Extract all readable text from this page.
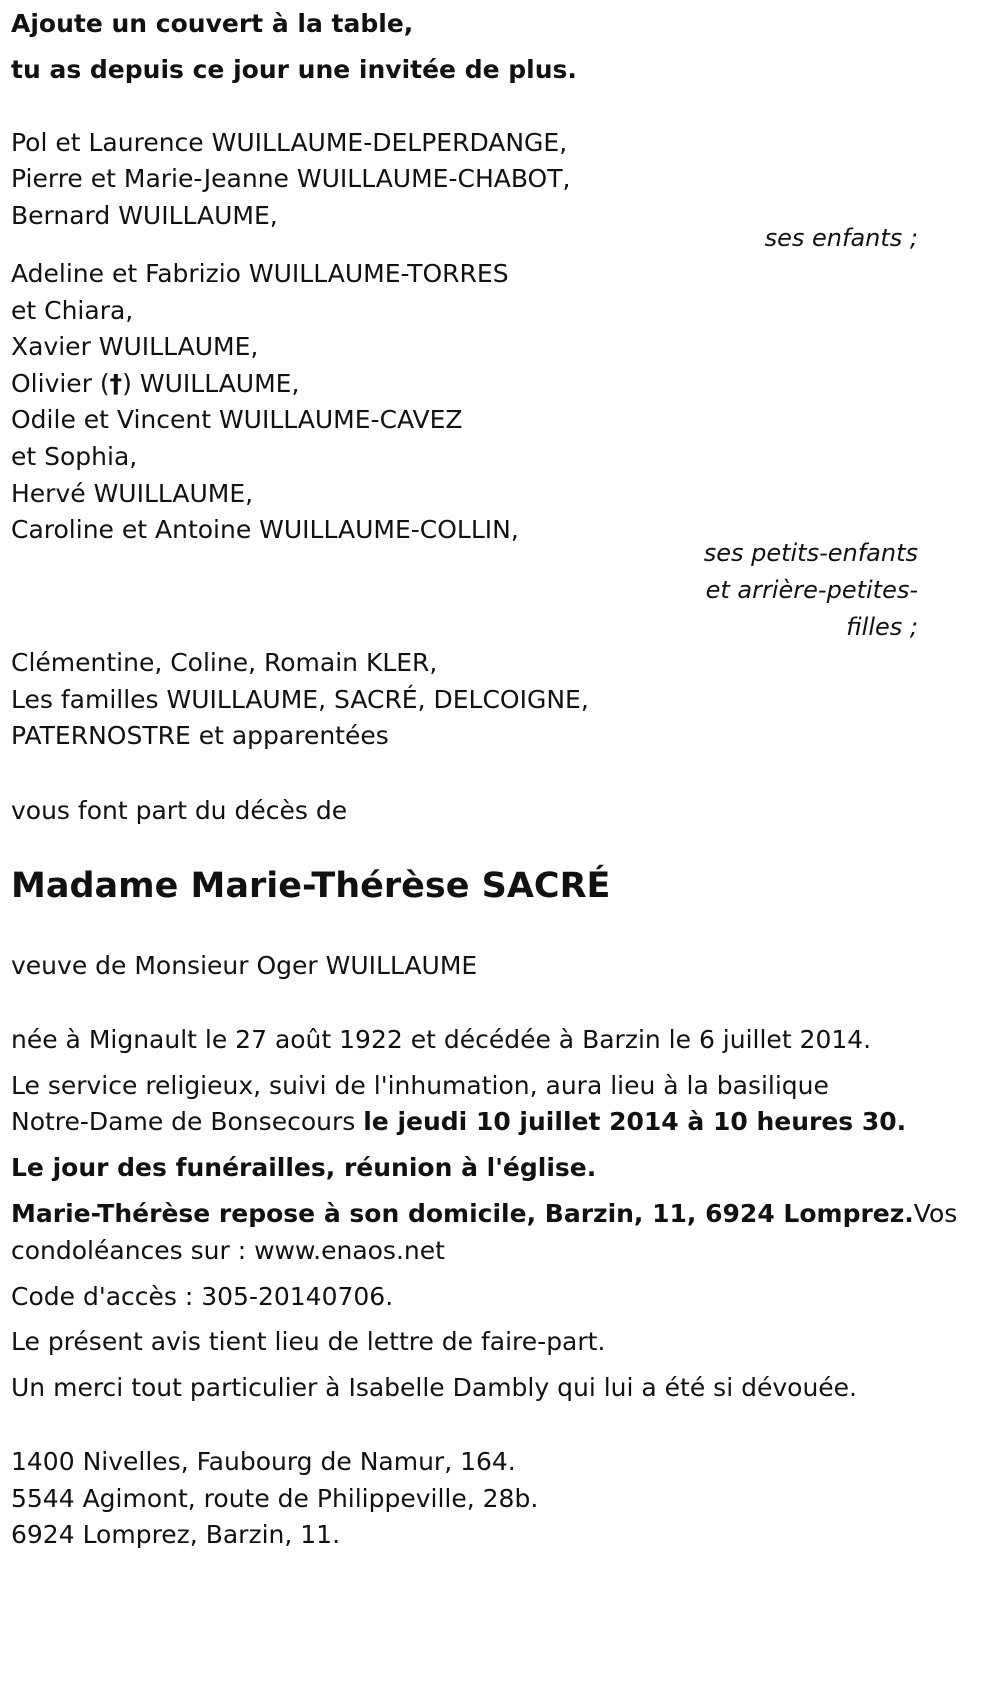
Ajoute un couvert à la table,

tu as depuis ce jour une invitée de plus.

Pol et Laurence WUILLAUME-DELPERDANGE,

Pierre et Marie-Jeanne WUILLAUME-CHABOT,

Bernard WUILLAUME,

ses enfants ;

Adeline et Fabrizio WUILLAUME-TORRES

et Chiara,

Xavier WUILLAUME,

Olivier (†) WUILLAUME,

Odile et Vincent WUILLAUME-CAVEZ

et Sophia,

Hervé WUILLAUME,

Caroline et Antoine WUILLAUME-COLLIN,

ses petits-enfants

et arrière-petites-

filles ;

Clémentine, Coline, Romain KLER,

Les familles WUILLAUME, SACRÉ, DELCOIGNE,

PATERNOSTRE et apparentées

vous font part du décès de

Madame Marie-Thérèse SACRÉ

veuve de Monsieur Oger WUILLAUME

née à Mignault le 27 août 1922 et décédée à Barzin le 6 juillet 2014.

Le service religieux, suivi de l'inhumation, aura lieu à la basilique

Notre-Dame de Bonsecours le jeudi 10 juillet 2014 à 10 heures 30.

Le jour des funérailles, réunion à l'église.

Marie-Thérèse repose à son domicile, Barzin, 11, 6924 Lomprez.Vos

condoléances sur : www.enaos.net

Code d'accès : 305-20140706.

Le présent avis tient lieu de lettre de faire-part.

Un merci tout particulier à Isabelle Dambly qui lui a été si dévouée.

1400 Nivelles, Faubourg de Namur, 164.

5544 Agimont, route de Philippeville, 28b.

6924 Lomprez, Barzin, 11.
